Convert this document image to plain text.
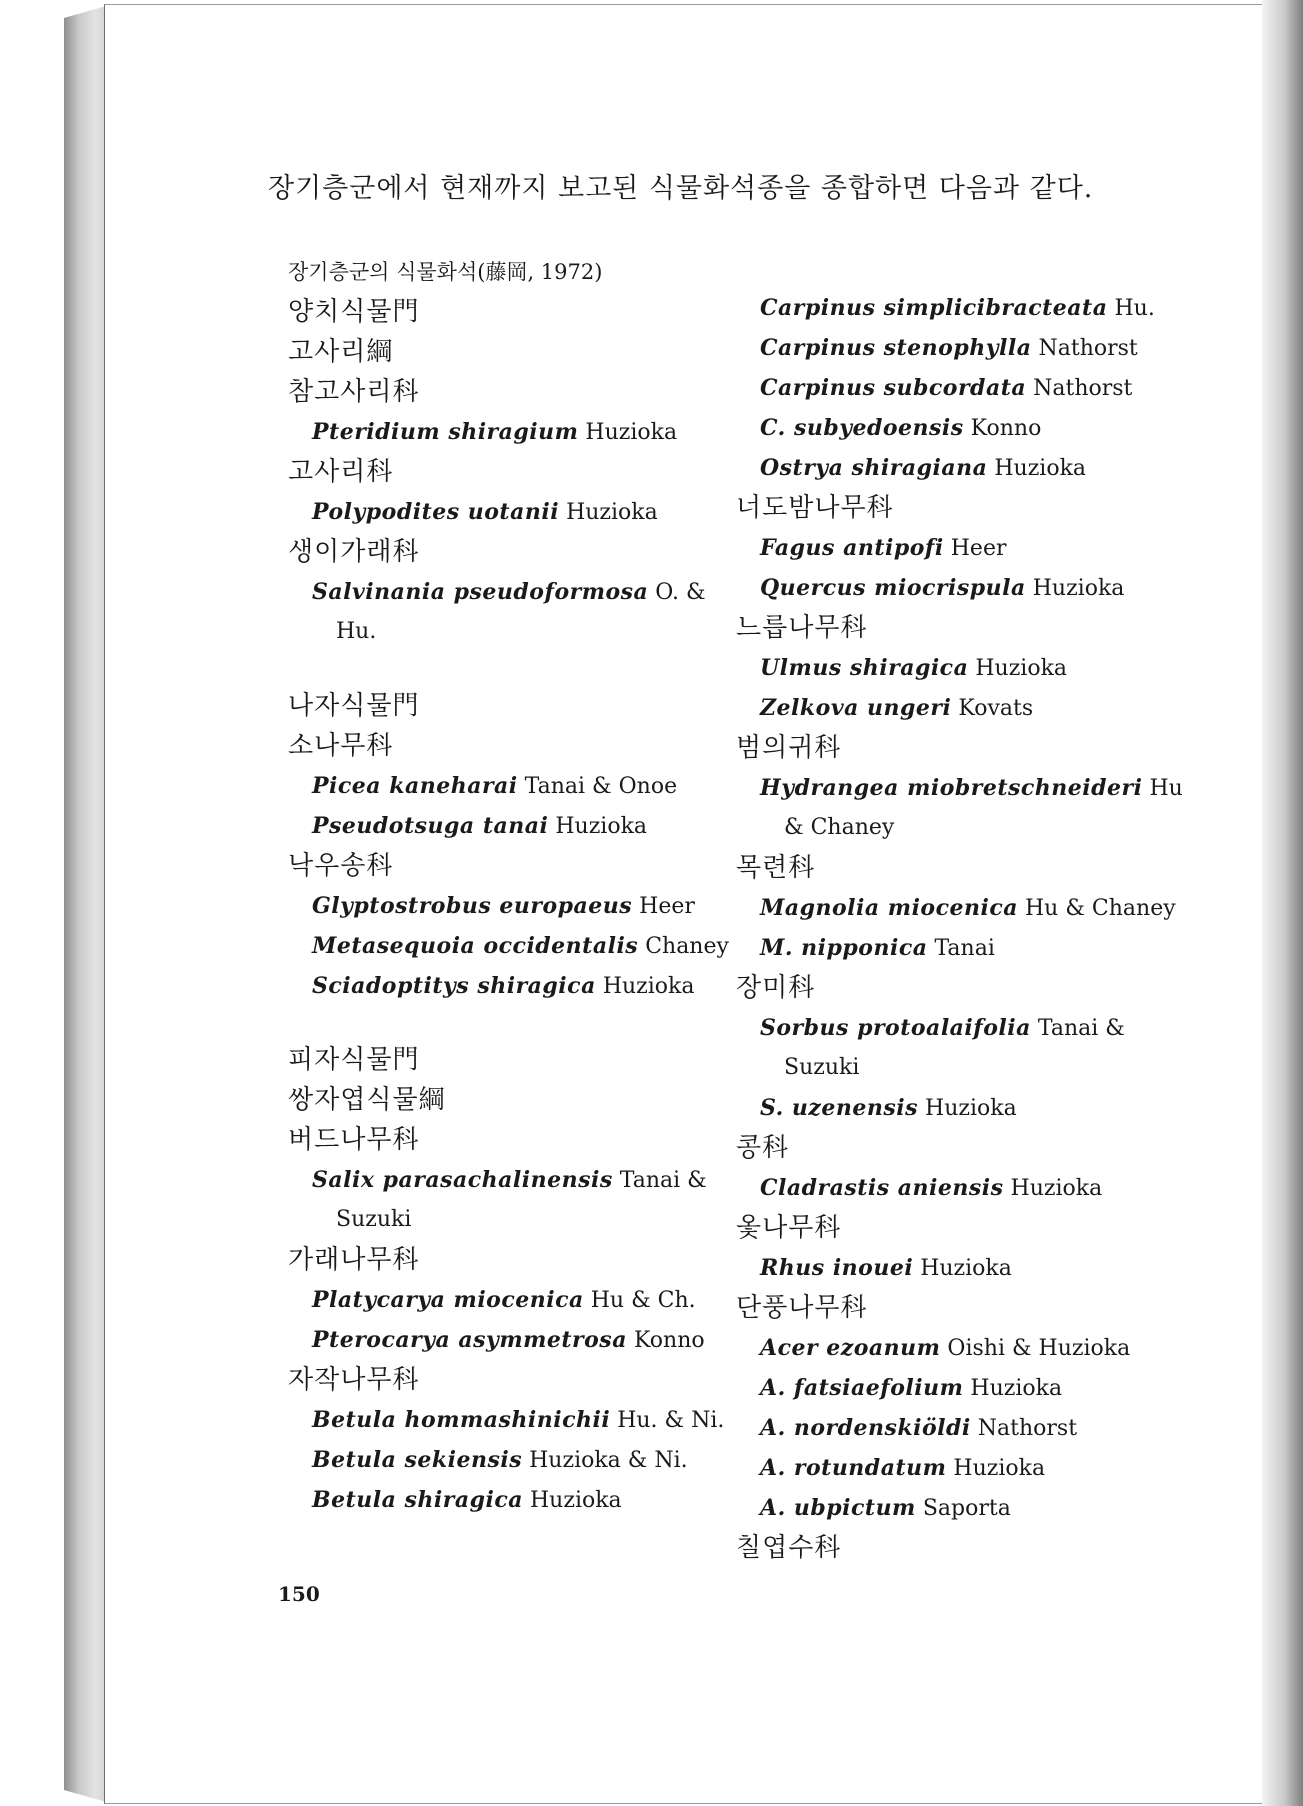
장기층군에서 현재까지 보고된 식물화석종을 종합하면 다음과 같다.
장기층군의 식물화석(藤岡, 1972)
양치식물門
고사리綱
참고사리科
Pteridium shiragium Huzioka
고사리科
Polypodites uotanii Huzioka
생이가래科
Salvinania pseudoformosa O. &
Hu.
나자식물門
소나무科
Picea kaneharai Tanai & Onoe
Pseudotsuga tanai Huzioka
낙우송科
Glyptostrobus europaeus Heer
Metasequoia occidentalis Chaney
Sciadoptitys shiragica Huzioka
피자식물門
쌍자엽식물綱
버드나무科
Salix parasachalinensis Tanai &
Suzuki
가래나무科
Platycarya miocenica Hu & Ch.
Pterocarya asymmetrosa Konno
자작나무科
Betula hommashinichii Hu. & Ni.
Betula sekiensis Huzioka & Ni.
Betula shiragica Huzioka
Carpinus simplicibracteata Hu.
Carpinus stenophylla Nathorst
Carpinus subcordata Nathorst
C. subyedoensis Konno
Ostrya shiragiana Huzioka
너도밤나무科
Fagus antipofi Heer
Quercus miocrispula Huzioka
느릅나무科
Ulmus shiragica Huzioka
Zelkova ungeri Kovats
범의귀科
Hydrangea miobretschneideri Hu
& Chaney
목련科
Magnolia miocenica Hu & Chaney
M. nipponica Tanai
장미科
Sorbus protoalaifolia Tanai &
Suzuki
S. uzenensis Huzioka
콩科
Cladrastis aniensis Huzioka
옻나무科
Rhus inouei Huzioka
단풍나무科
Acer ezoanum Oishi & Huzioka
A. fatsiaefolium Huzioka
A. nordenskiöldi Nathorst
A. rotundatum Huzioka
A. ubpictum Saporta
칠엽수科
150
